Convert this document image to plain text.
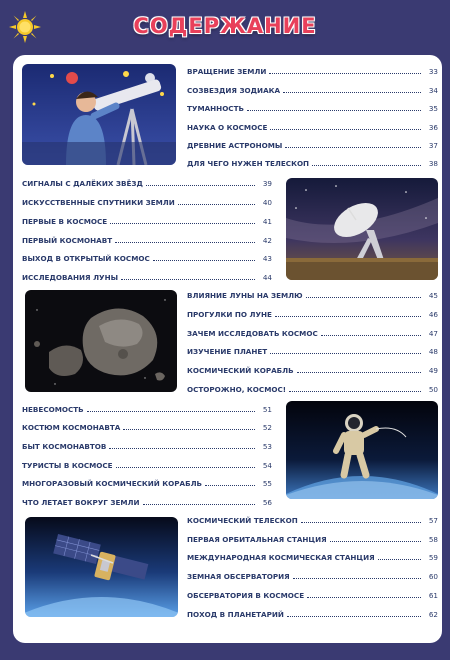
СОДЕРЖАНИЕ
ВРАЩЕНИЕ ЗЕМЛИ	33
СОЗВЕЗДИЯ ЗОДИАКА	34
ТУМАННОСТЬ	35
НАУКА О КОСМОСЕ	36
ДРЕВНИЕ АСТРОНОМЫ	37
ДЛЯ ЧЕГО НУЖЕН ТЕЛЕСКОП	38
СИГНАЛЫ С ДАЛЁКИХ ЗВЁЗД	39
ИСКУССТВЕННЫЕ СПУТНИКИ ЗЕМЛИ	40
ПЕРВЫЕ В КОСМОСЕ	41
ПЕРВЫЙ КОСМОНАВТ	42
ВЫХОД В ОТКРЫТЫЙ КОСМОС	43
ИССЛЕДОВАНИЯ ЛУНЫ	44
ВЛИЯНИЕ ЛУНЫ НА ЗЕМЛЮ	45
ПРОГУЛКИ ПО ЛУНЕ	46
ЗАЧЕМ ИССЛЕДОВАТЬ КОСМОС	47
ИЗУЧЕНИЕ ПЛАНЕТ	48
КОСМИЧЕСКИЙ КОРАБЛЬ	49
ОСТОРОЖНО, КОСМОС!	50
НЕВЕСОМОСТЬ	51
КОСТЮМ КОСМОНАВТА	52
БЫТ КОСМОНАВТОВ	53
ТУРИСТЫ В КОСМОСЕ	54
МНОГОРАЗОВЫЙ КОСМИЧЕСКИЙ КОРАБЛЬ	55
ЧТО ЛЕТАЕТ ВОКРУГ ЗЕМЛИ	56
КОСМИЧЕСКИЙ ТЕЛЕСКОП	57
ПЕРВАЯ ОРБИТАЛЬНАЯ СТАНЦИЯ	58
МЕЖДУНАРОДНАЯ КОСМИЧЕСКАЯ СТАНЦИЯ	59
ЗЕМНАЯ ОБСЕРВАТОРИЯ	60
ОБСЕРВАТОРИЯ В КОСМОСЕ	61
ПОХОД В ПЛАНЕТАРИЙ	62
